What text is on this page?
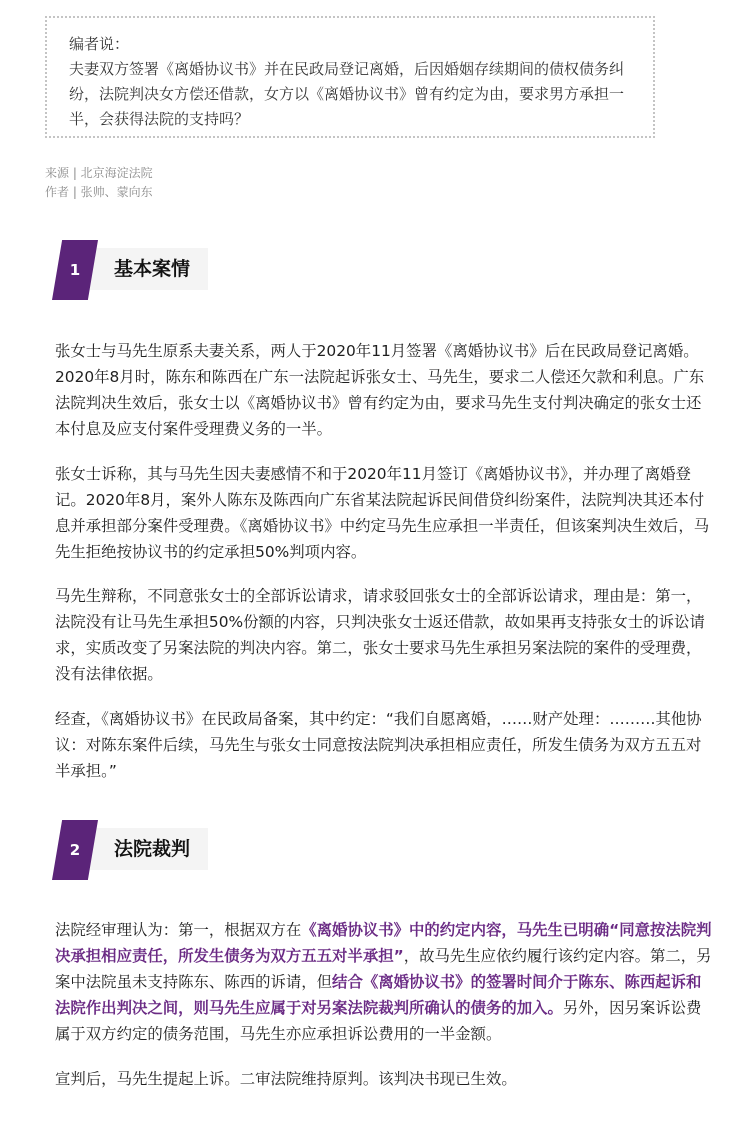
编者说：
夫妻双方签署《离婚协议书》并在民政局登记离婚，后因婚姻存续期间的债权债务纠纷，法院判决女方偿还借款，女方以《离婚协议书》曾有约定为由，要求男方承担一半，会获得法院的支持吗？
来源 | 北京海淀法院
作者 | 张帅、蒙向东
1	基本案情
张女士与马先生原系夫妻关系，两人于2020年11月签署《离婚协议书》后在民政局登记离婚。2020年8月时，陈东和陈西在广东一法院起诉张女士、马先生，要求二人偿还欠款和利息。广东法院判决生效后，张女士以《离婚协议书》曾有约定为由，要求马先生支付判决确定的张女士还本付息及应支付案件受理费义务的一半。
张女士诉称，其与马先生因夫妻感情不和于2020年11月签订《离婚协议书》，并办理了离婚登记。2020年8月，案外人陈东及陈西向广东省某法院起诉民间借贷纠纷案件，法院判决其还本付息并承担部分案件受理费。《离婚协议书》中约定马先生应承担一半责任，但该案判决生效后，马先生拒绝按协议书的约定承担50%判项内容。
马先生辩称，不同意张女士的全部诉讼请求，请求驳回张女士的全部诉讼请求，理由是：第一，法院没有让马先生承担50%份额的内容，只判决张女士返还借款，故如果再支持张女士的诉讼请求，实质改变了另案法院的判决内容。第二，张女士要求马先生承担另案法院的案件的受理费，没有法律依据。
经查，《离婚协议书》在民政局备案，其中约定：“我们自愿离婚，……财产处理：………其他协议：对陈东案件后续，马先生与张女士同意按法院判决承担相应责任，所发生债务为双方五五对半承担。”
2	法院裁判
法院经审理认为：第一，根据双方在《离婚协议书》中的约定内容，马先生已明确“同意按法院判决承担相应责任，所发生债务为双方五五对半承担”，故马先生应依约履行该约定内容。第二，另案中法院虽未支持陈东、陈西的诉请，但结合《离婚协议书》的签署时间介于陈东、陈西起诉和法院作出判决之间，则马先生应属于对另案法院裁判所确认的债务的加入。另外，因另案诉讼费属于双方约定的债务范围，马先生亦应承担诉讼费用的一半金额。
宣判后，马先生提起上诉。二审法院维持原判。该判决书现已生效。
